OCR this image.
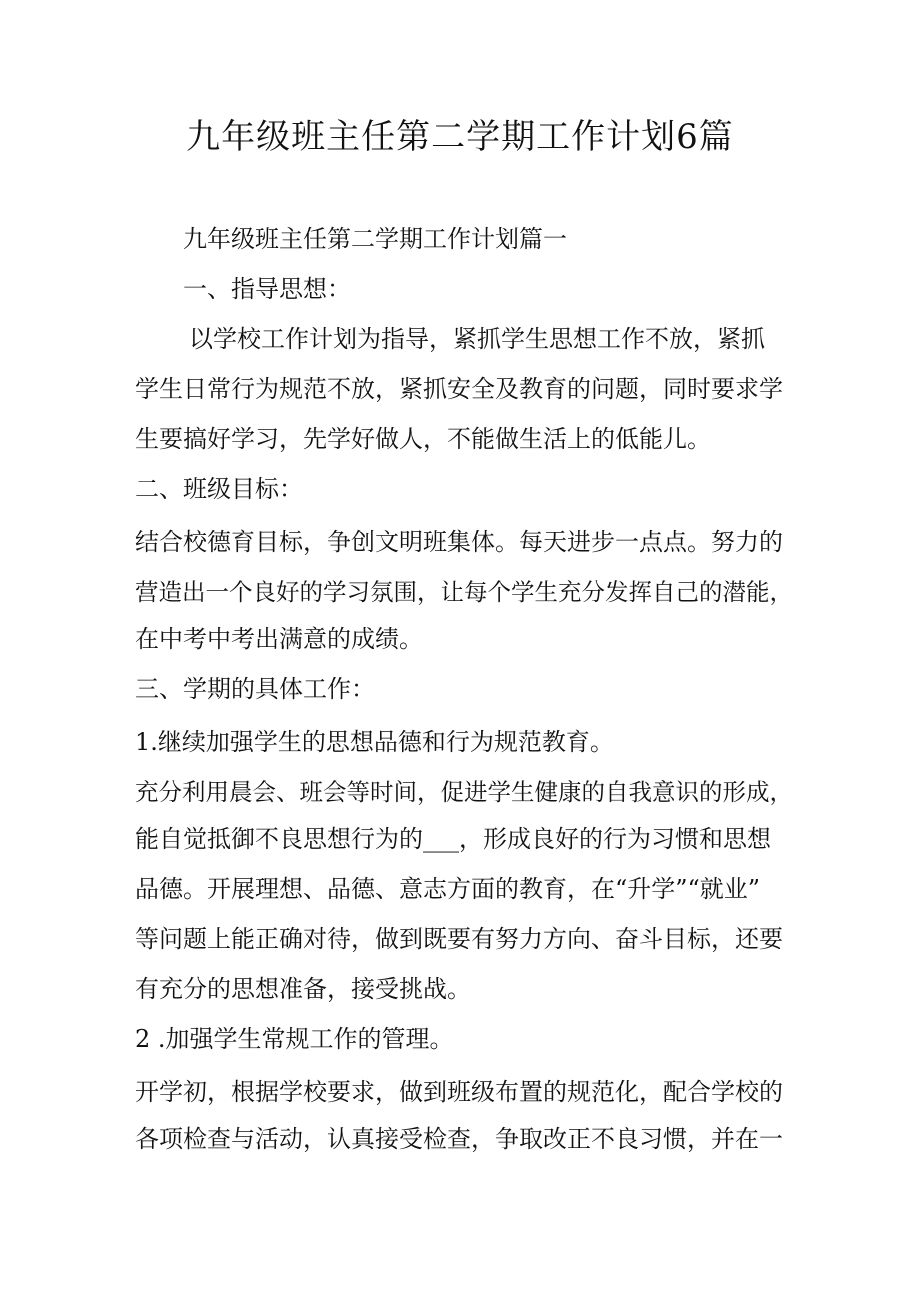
九年级班主任第二学期工作计划6篇
九年级班主任第二学期工作计划篇一
一、指导思想：
以学校工作计划为指导，紧抓学生思想工作不放，紧抓
学生日常行为规范不放，紧抓安全及教育的问题，同时要求学
生要搞好学习，先学好做人，不能做生活上的低能儿。
二、班级目标：
结合校德育目标，争创文明班集体。每天进步一点点。努力的
营造出一个良好的学习氛围，让每个学生充分发挥自己的潜能，
在中考中考出满意的成绩。
三、学期的具体工作：
1.继续加强学生的思想品德和行为规范教育。
充分利用晨会、班会等时间，促进学生健康的自我意识的形成，
能自觉抵御不良思想行为的___，形成良好的行为习惯和思想
品德。开展理想、品德、意志方面的教育，在“升学”“就业”
等问题上能正确对待，做到既要有努力方向、奋斗目标，还要
有充分的思想准备，接受挑战。
2 .加强学生常规工作的管理。
开学初，根据学校要求，做到班级布置的规范化，配合学校的
各项检查与活动，认真接受检查，争取改正不良习惯，并在一
